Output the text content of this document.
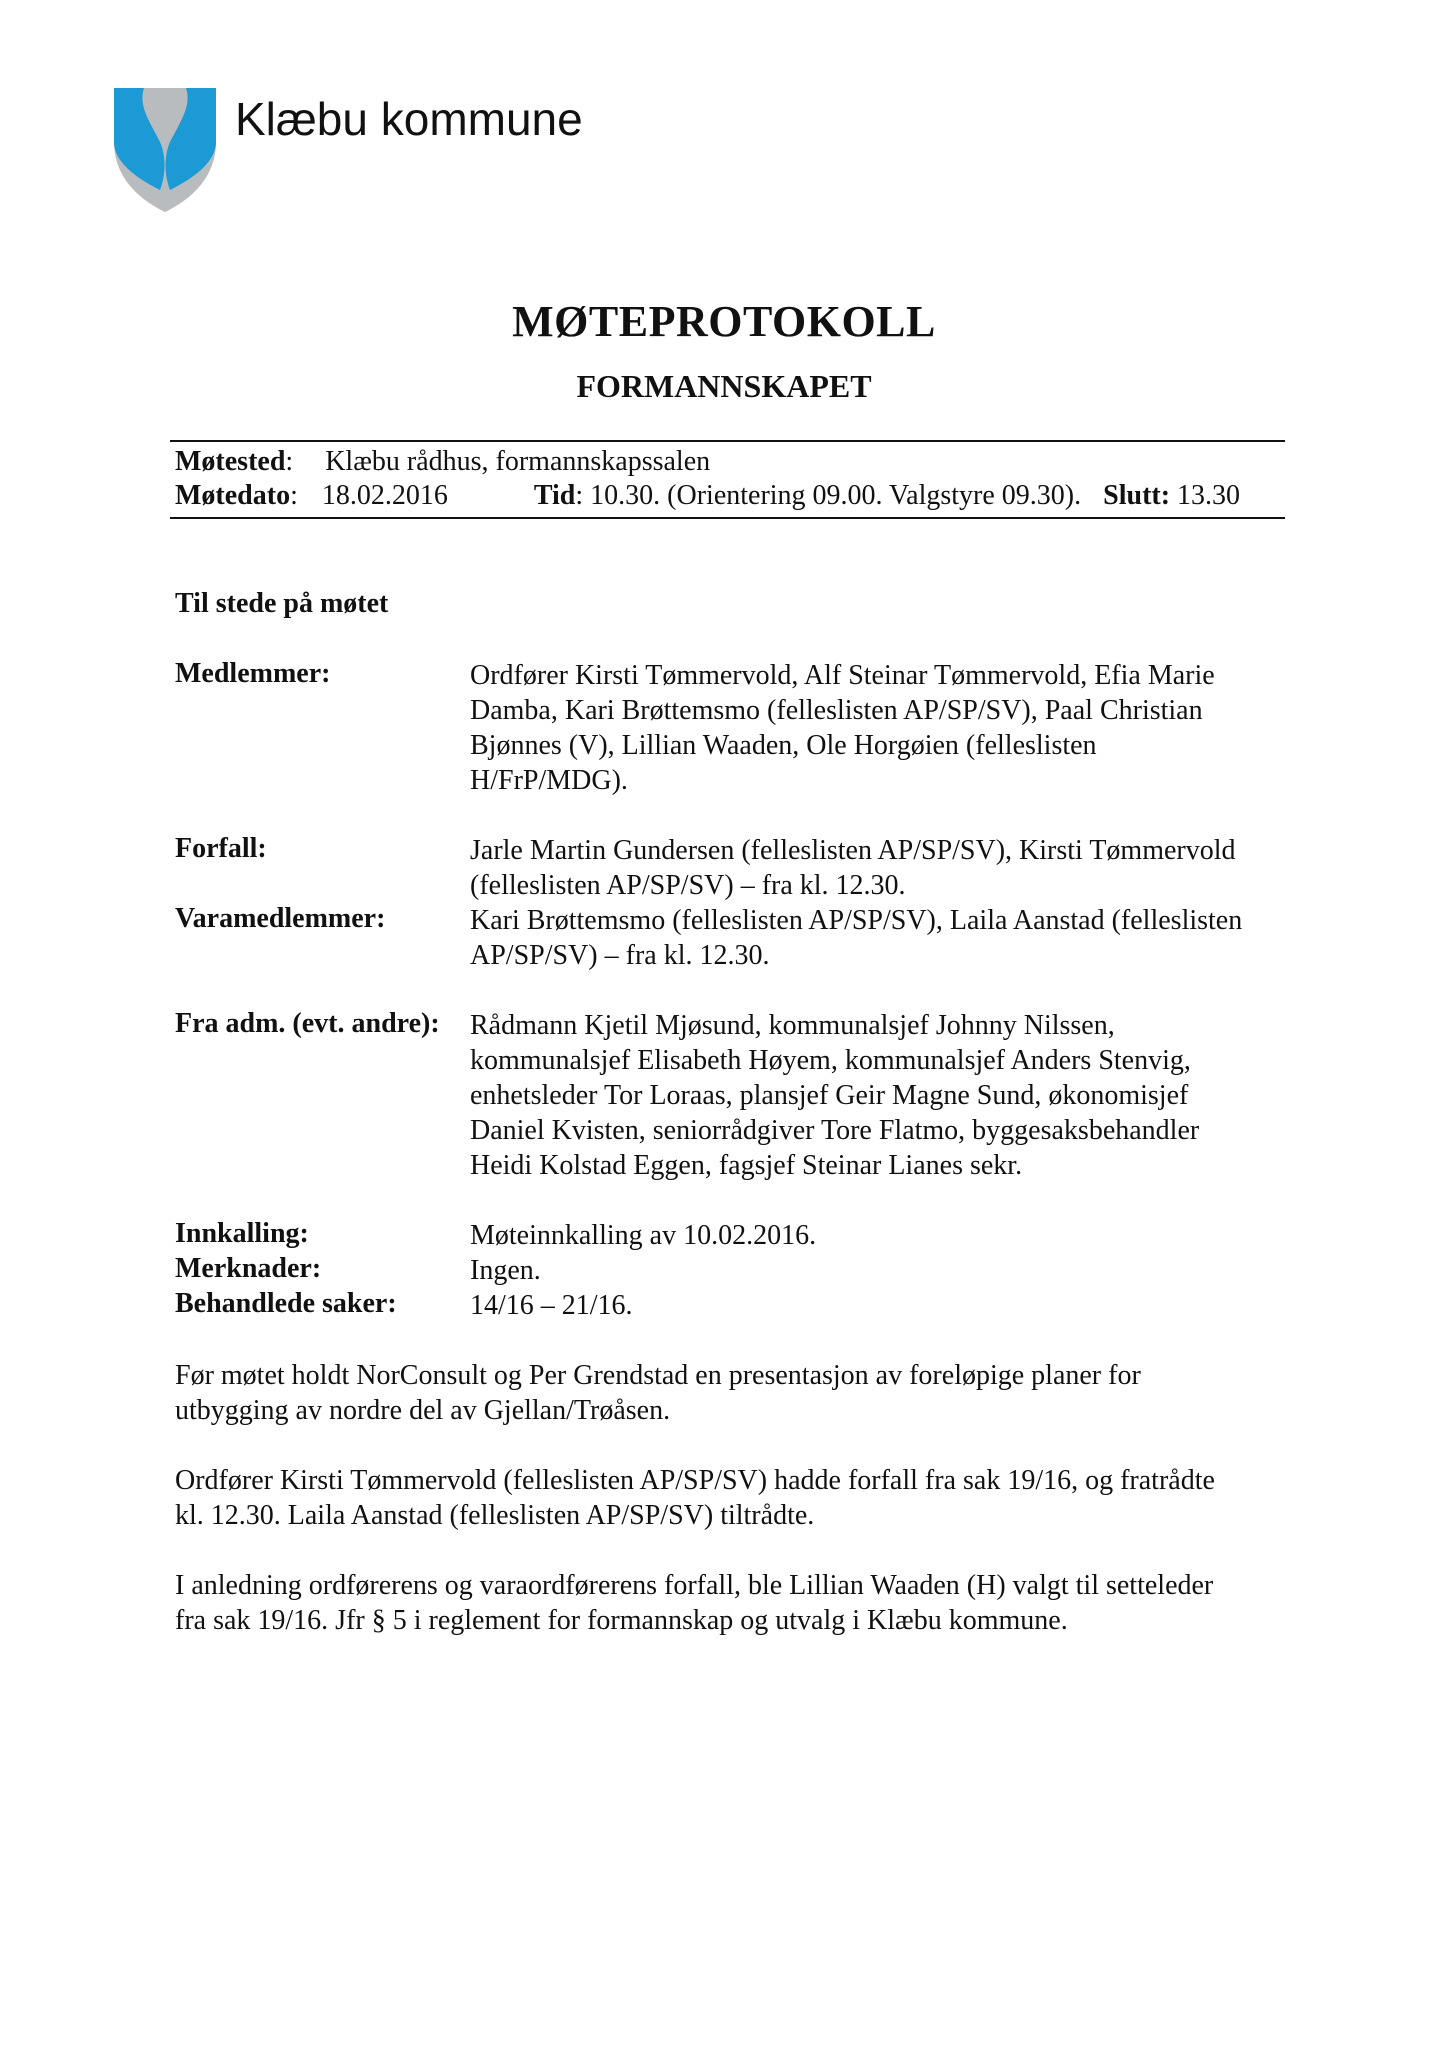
Klæbu kommune
MØTEPROTOKOLL
FORMANNSKAPET
Møtested: Klæbu rådhus, formannskapssalen
Møtedato: 18.02.2016	Tid: 10.30. (Orientering 09.00. Valgstyre 09.30). Slutt: 13.30
Til stede på møtet
Medlemmer:	Ordfører Kirsti Tømmervold, Alf Steinar Tømmervold, Efia Marie
Damba, Kari Brøttemsmo (felleslisten AP/SP/SV), Paal Christian
Bjønnes (V), Lillian Waaden, Ole Horgøien (felleslisten
H/FrP/MDG).
Forfall:	Jarle Martin Gundersen (felleslisten AP/SP/SV), Kirsti Tømmervold
(felleslisten AP/SP/SV) – fra kl. 12.30.
Varamedlemmer:	Kari Brøttemsmo (felleslisten AP/SP/SV), Laila Aanstad (felleslisten
AP/SP/SV) – fra kl. 12.30.
Fra adm. (evt. andre): Rådmann Kjetil Mjøsund, kommunalsjef Johnny Nilssen,
kommunalsjef Elisabeth Høyem, kommunalsjef Anders Stenvig,
enhetsleder Tor Loraas, plansjef Geir Magne Sund, økonomisjef
Daniel Kvisten, seniorrådgiver Tore Flatmo, byggesaksbehandler
Heidi Kolstad Eggen, fagsjef Steinar Lianes sekr.
Innkalling:	Møteinnkalling av 10.02.2016.
Merknader:	Ingen.
Behandlede saker:	14/16 – 21/16.
Før møtet holdt NorConsult og Per Grendstad en presentasjon av foreløpige planer for
utbygging av nordre del av Gjellan/Trøåsen.
Ordfører Kirsti Tømmervold (felleslisten AP/SP/SV) hadde forfall fra sak 19/16, og fratrådte
kl. 12.30. Laila Aanstad (felleslisten AP/SP/SV) tiltrådte.
I anledning ordførerens og varaordførerens forfall, ble Lillian Waaden (H) valgt til setteleder
fra sak 19/16. Jfr § 5 i reglement for formannskap og utvalg i Klæbu kommune.
